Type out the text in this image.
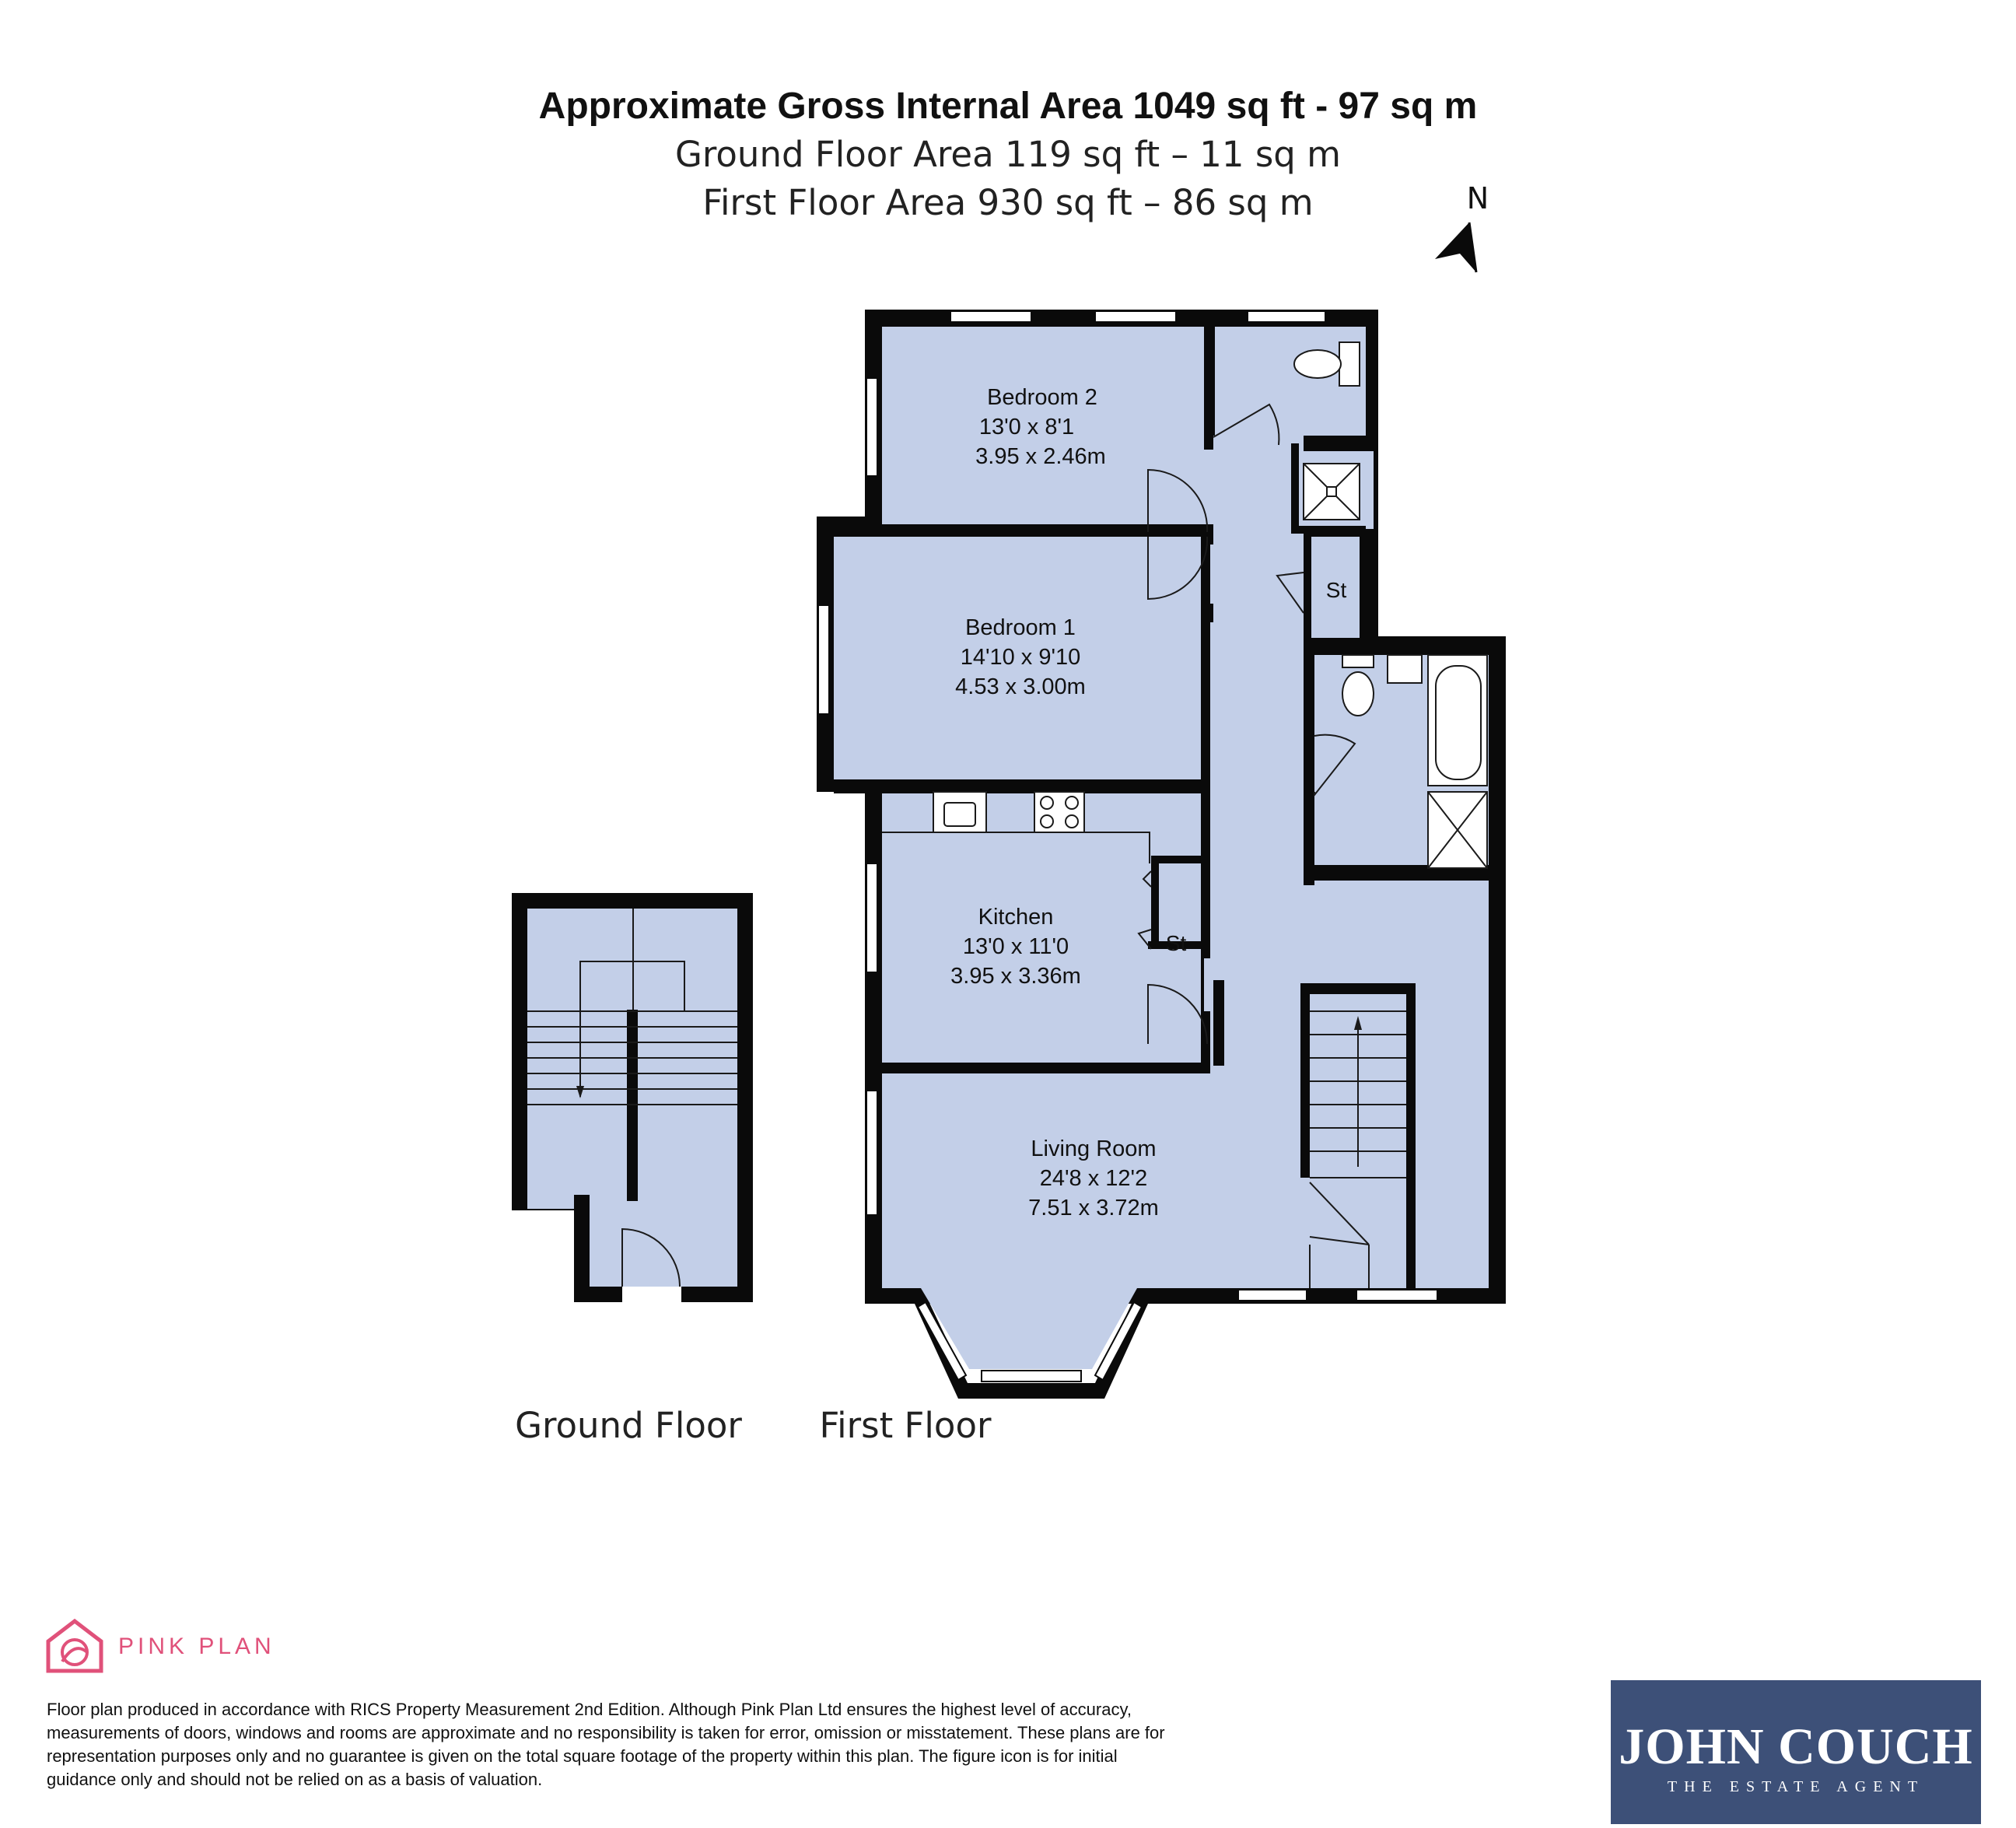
Approximate Gross Internal Area 1049 sq ft - 97 sq m
Ground Floor Area 119 sq ft – 11 sq m
First Floor Area 930 sq ft – 86 sq m	N
Bedroom 2
13'0 x 8'1
3.95 x 2.46m
Bedroom 1
14'10 x 9'10
4.53 x 3.00m
Kitchen
13'0 x 11'0
3.95 x 3.36m
Living Room
24'8 x 12'2
7.51 x 3.72m
St
St
Ground Floor First Floor
PINK PLAN
Floor plan produced in accordance with RICS Property Measurement 2nd Edition. Although Pink Plan Ltd ensures the highest level of accuracy, measurements of doors, windows and rooms are approximate and no responsibility is taken for error, omission or misstatement. These plans are for representation purposes only and no guarantee is given on the total square footage of the property within this plan. The figure icon is for initial guidance only and should not be relied on as a basis of valuation.
JOHN COUCH
THE ESTATE AGENT
